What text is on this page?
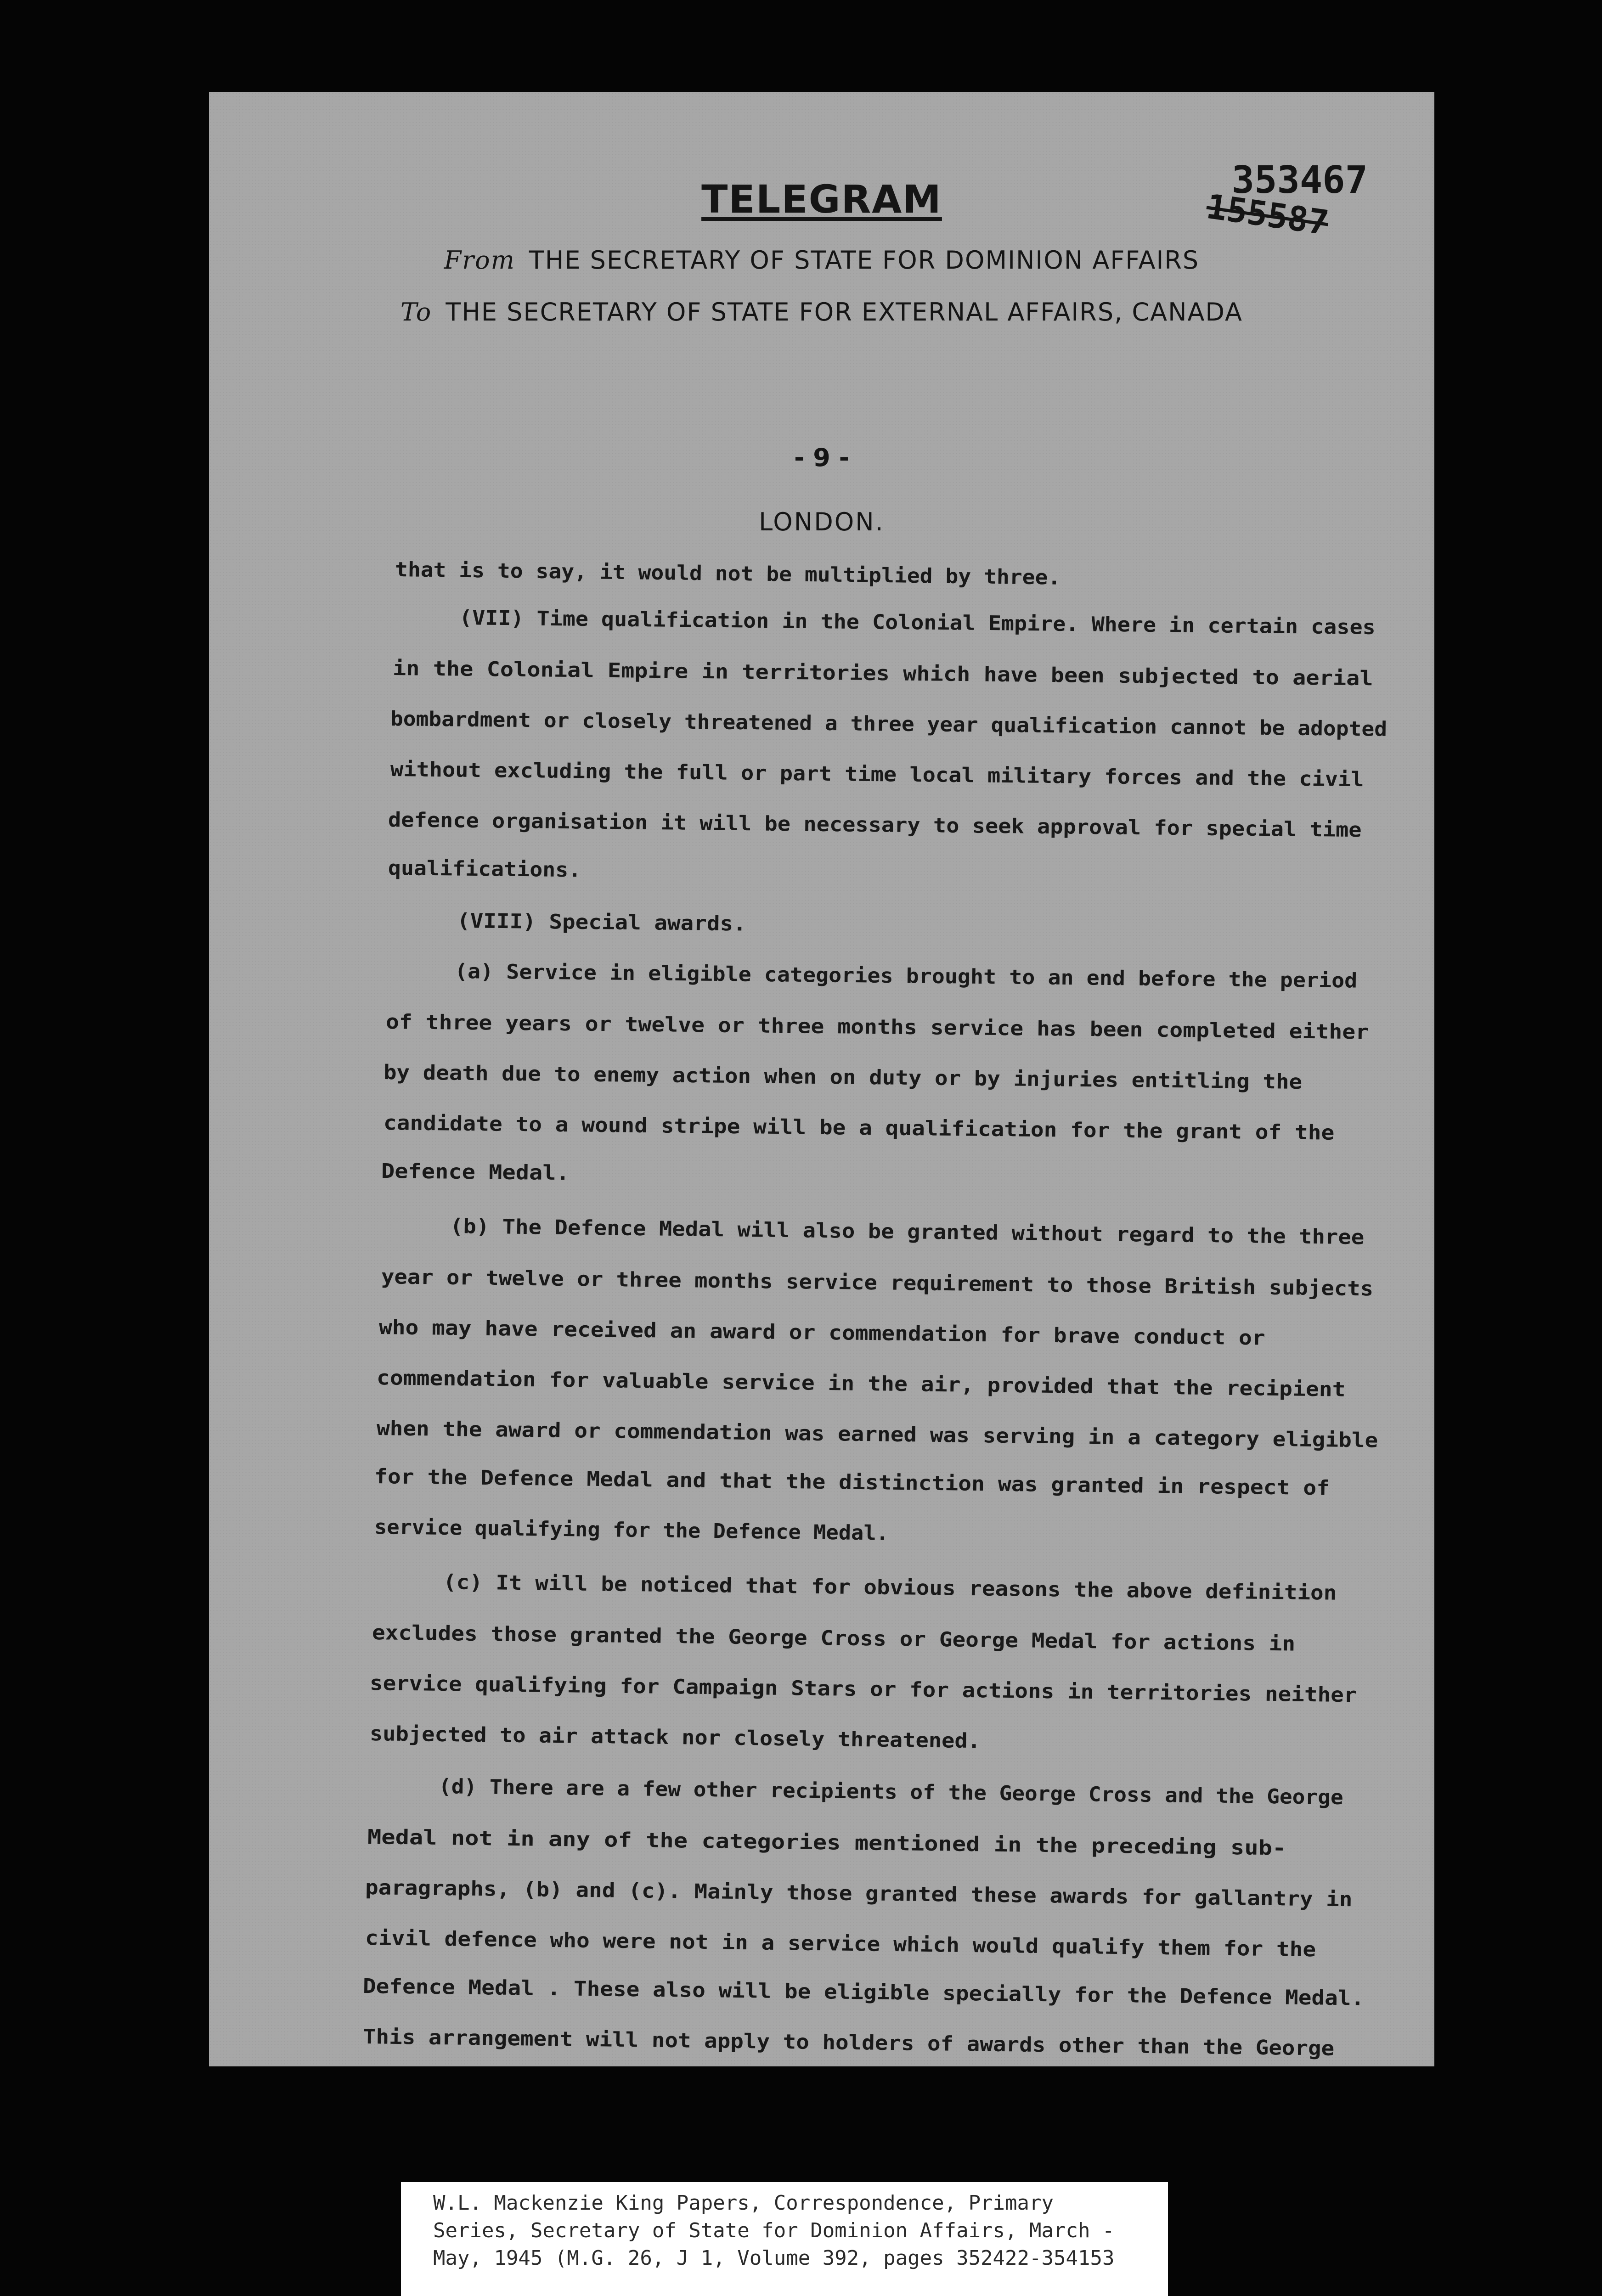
TELEGRAM	353467
155587
From THE SECRETARY OF STATE FOR DOMINION AFFAIRS
To THE SECRETARY OF STATE FOR EXTERNAL AFFAIRS, CANADA
- 9 -
LONDON.
that is to say, it would not be multiplied by three.
(VII) Time qualification in the Colonial Empire. Where in certain cases
in the Colonial Empire in territories which have been subjected to aerial
bombardment or closely threatened a three year qualification cannot be adopted
without excluding the full or part time local military forces and the civil
defence organisation it will be necessary to seek approval for special time
qualifications.
(VIII) Special awards.
(a) Service in eligible categories brought to an end before the period
of three years or twelve or three months service has been completed either
by death due to enemy action when on duty or by injuries entitling the
candidate to a wound stripe will be a qualification for the grant of the
Defence Medal.
(b) The Defence Medal will also be granted without regard to the three
year or twelve or three months service requirement to those British subjects
who may have received an award or commendation for brave conduct or
commendation for valuable service in the air, provided that the recipient
when the award or commendation was earned was serving in a category eligible
for the Defence Medal and that the distinction was granted in respect of
service qualifying for the Defence Medal.
(c) It will be noticed that for obvious reasons the above definition
excludes those granted the George Cross or George Medal for actions in
service qualifying for Campaign Stars or for actions in territories neither
subjected to air attack nor closely threatened.
(d) There are a few other recipients of the George Cross and the George
Medal not in any of the categories mentioned in the preceding sub-
paragraphs, (b) and (c). Mainly those granted these awards for gallantry in
civil defence who were not in a service which would qualify them for the
Defence Medal . These also will be eligible specially for the Defence Medal.
This arrangement will not apply to holders of awards other than the George
W.L. Mackenzie King Papers, Correspondence, Primary
Series, Secretary of State for Dominion Affairs, March -
May, 1945 (M.G. 26, J 1, Volume 392, pages 352422-354153
